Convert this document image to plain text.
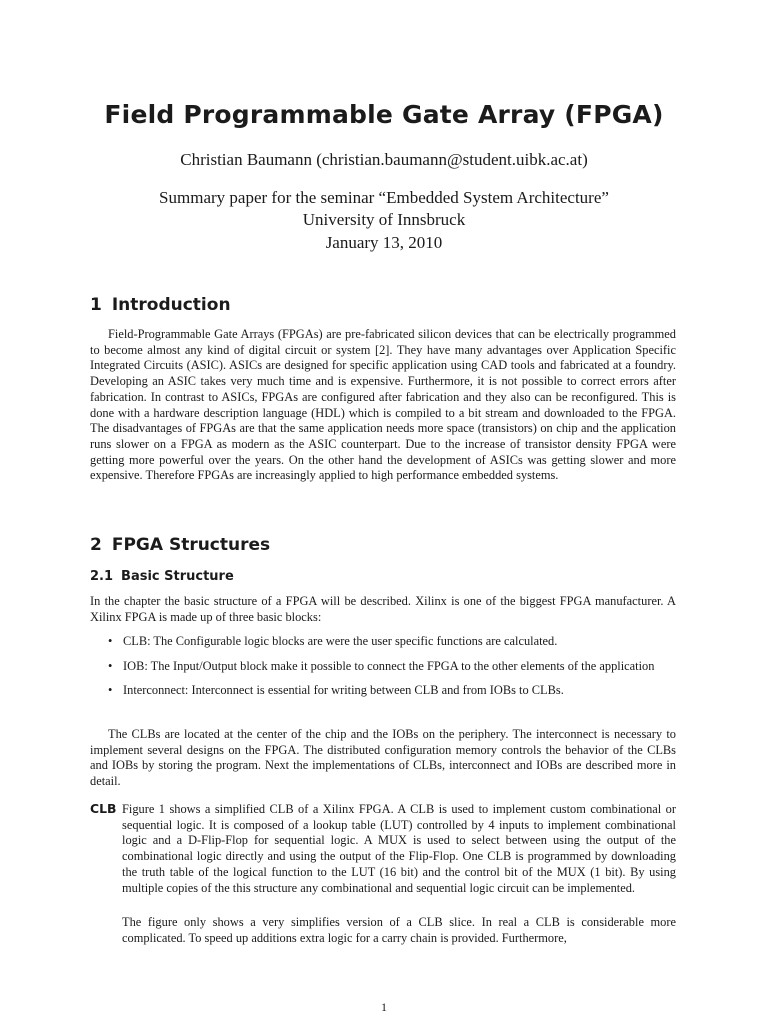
Field Programmable Gate Array (FPGA)
Christian Baumann (christian.baumann@student.uibk.ac.at)
Summary paper for the seminar “Embedded System Architecture”
University of Innsbruck
January 13, 2010
1 Introduction
Field-Programmable Gate Arrays (FPGAs) are pre-fabricated silicon devices that can be electrically programmed to become almost any kind of digital circuit or system [2]. They have many advantages over Application Specific Integrated Circuits (ASIC). ASICs are designed for specific application using CAD tools and fabricated at a foundry. Developing an ASIC takes very much time and is expensive. Furthermore, it is not possible to correct errors after fabrication. In contrast to ASICs, FPGAs are configured after fabrication and they also can be reconfigured. This is done with a hardware description language (HDL) which is compiled to a bit stream and downloaded to the FPGA. The disadvantages of FPGAs are that the same application needs more space (transistors) on chip and the application runs slower on a FPGA as modern as the ASIC counterpart. Due to the increase of transistor density FPGA were getting more powerful over the years. On the other hand the development of ASICs was getting slower and more expensive. Therefore FPGAs are increasingly applied to high performance embedded systems.
2 FPGA Structures
2.1 Basic Structure
In the chapter the basic structure of a FPGA will be described. Xilinx is one of the biggest FPGA manufacturer. A Xilinx FPGA is made up of three basic blocks:
• CLB: The Configurable logic blocks are were the user specific functions are calculated.
• IOB: The Input/Output block make it possible to connect the FPGA to the other elements of the application
• Interconnect: Interconnect is essential for writing between CLB and from IOBs to CLBs.
The CLBs are located at the center of the chip and the IOBs on the periphery. The interconnect is necessary to implement several designs on the FPGA. The distributed configuration memory controls the behavior of the CLBs and IOBs by storing the program. Next the implementations of CLBs, interconnect and IOBs are described more in detail.
CLB Figure 1 shows a simplified CLB of a Xilinx FPGA. A CLB is used to implement custom combinational or sequential logic. It is composed of a lookup table (LUT) controlled by 4 inputs to implement combinational logic and a D-Flip-Flop for sequential logic. A MUX is used to select between using the output of the combinational logic directly and using the output of the Flip-Flop. One CLB is programmed by downloading the truth table of the logical function to the LUT (16 bit) and the control bit of the MUX (1 bit). By using multiple copies of the this structure any combinational and sequential logic circuit can be implemented.
The figure only shows a very simplifies version of a CLB slice. In real a CLB is considerable more complicated. To speed up additions extra logic for a carry chain is provided. Furthermore,
1
